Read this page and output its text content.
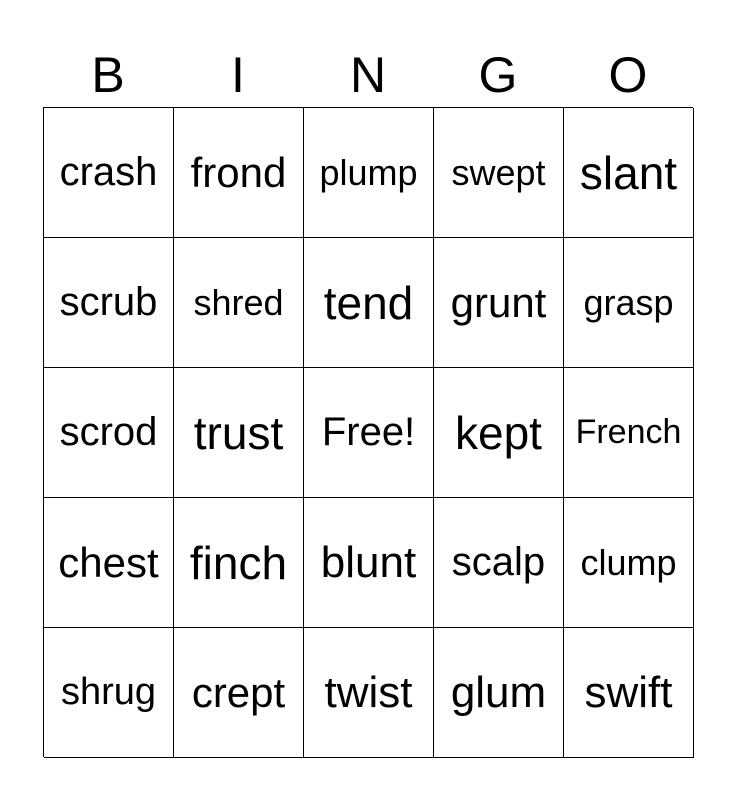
B	I	N	G	O
crash frond plump swept slant
scrub	shred tend grunt	grasp
scrod trust Free! kept French
chest finch blunt scalp clump
shrug crept twist glum swift
